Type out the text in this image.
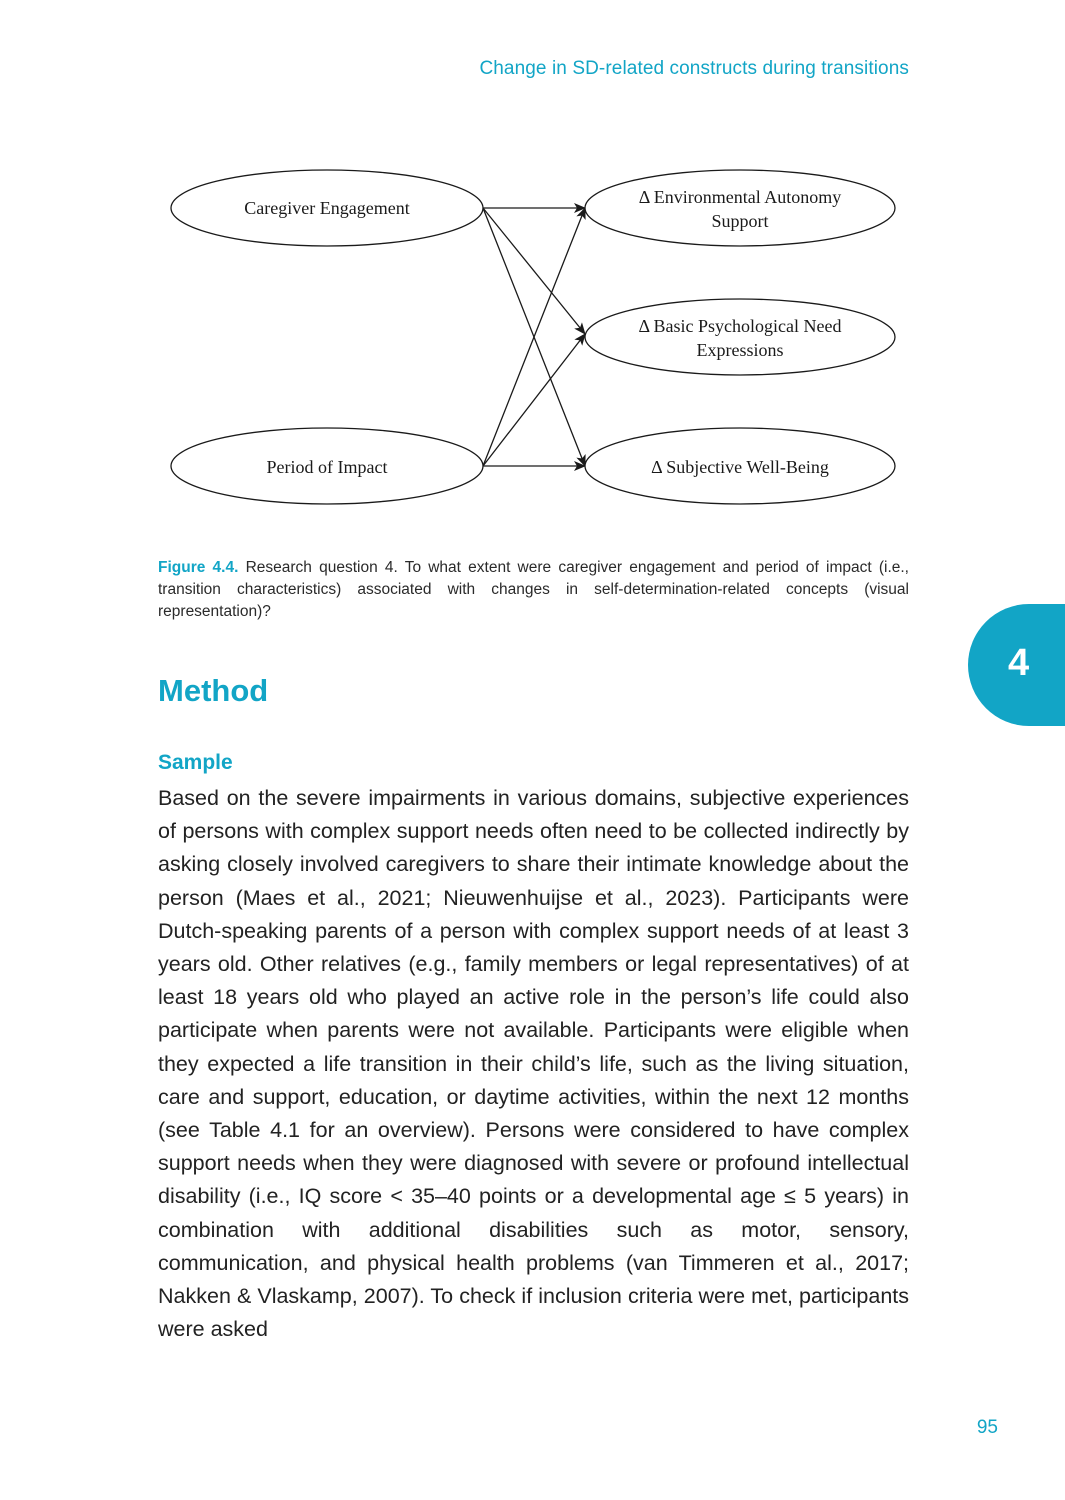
Change in SD-related constructs during transitions
Caregiver Engagement
Period of Impact
Δ Environmental Autonomy
Support
Δ Basic Psychological Need
Expressions
Δ Subjective Well-Being
Figure 4.4. Research question 4. To what extent were caregiver engagement and period of impact (i.e., transition characteristics) associated with changes in self-determination-related concepts (visual representation)?
4
Method
Sample

Based on the severe impairments in various domains, subjective experiences of persons with complex support needs often need to be collected indirectly by asking closely involved caregivers to share their intimate knowledge about the person (Maes et al., 2021; Nieuwenhuijse et al., 2023). Participants were Dutch-speaking parents of a person with complex support needs of at least 3 years old. Other relatives (e.g., family members or legal representatives) of at least 18 years old who played an active role in the person’s life could also participate when parents were not available. Participants were eligible when they expected a life transition in their child’s life, such as the living situation, care and support, education, or daytime activities, within the next 12 months (see Table 4.1 for an overview). Persons were considered to have complex support needs when they were diagnosed with severe or profound intellectual disability (i.e., IQ score < 35–40 points or a developmental age ≤ 5 years) in combination with additional disabilities such as motor, sensory, communication, and physical health problems (van Timmeren et al., 2017; Nakken & Vlaskamp, 2007). To check if inclusion criteria were met, participants were asked

95
